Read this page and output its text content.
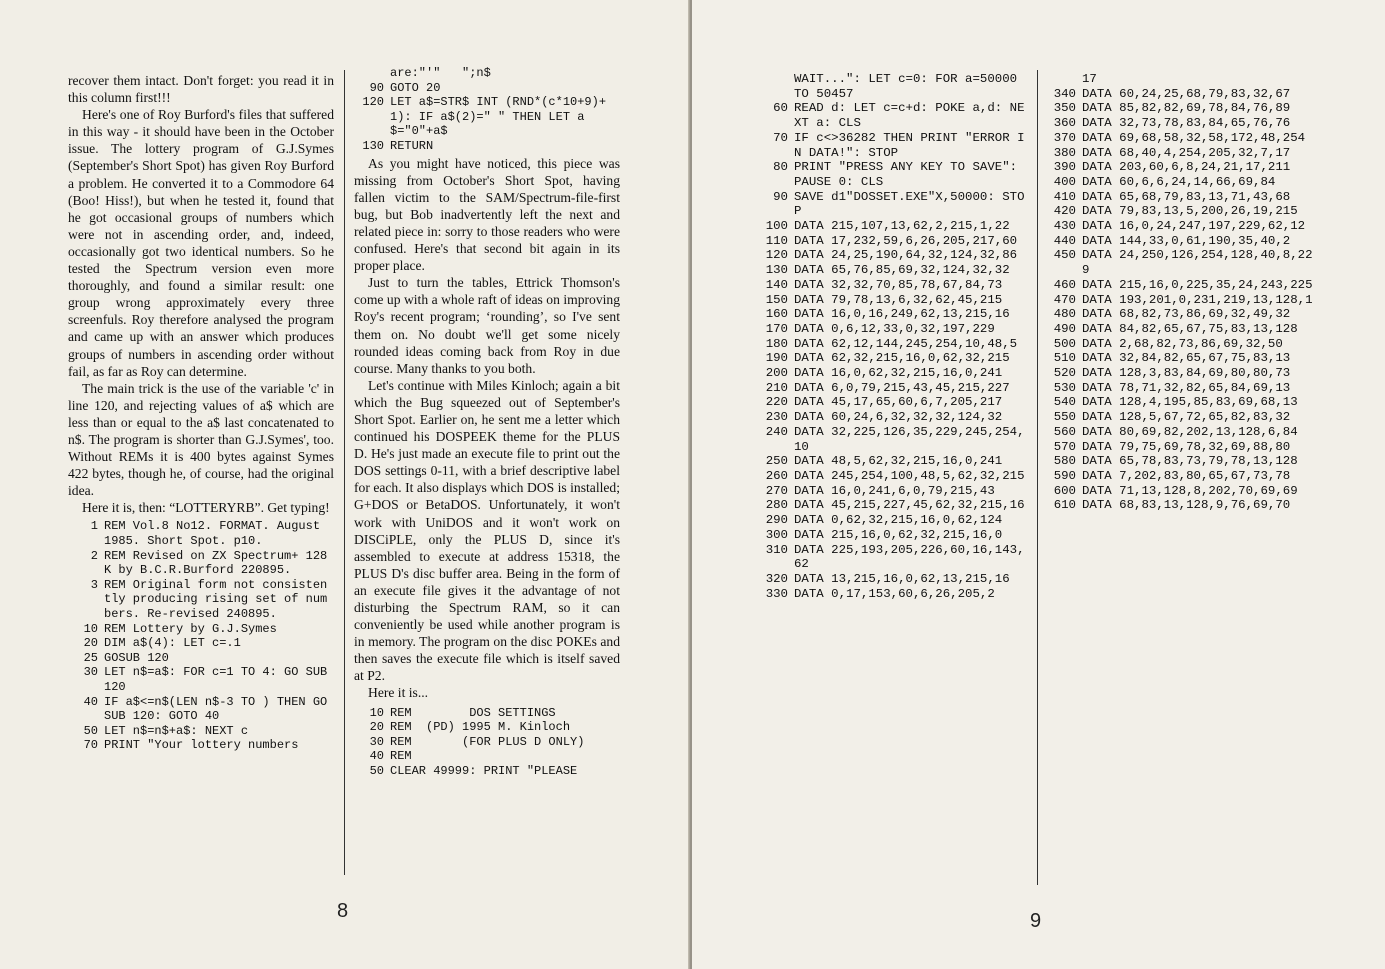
recover them intact. Don't forget: you read it in this column first!!!

Here's one of Roy Burford's files that suffered in this way - it should have been in the October issue. The lottery program of G.J.Symes (September's Short Spot) has given Roy Burford a problem. He converted it to a Commodore 64 (Boo! Hiss!), but when he tested it, found that he got occasional groups of numbers which were not in ascending order, and, indeed, occasionally got two identical numbers. So he tested the Spectrum version even more thoroughly, and found a similar result: one group wrong approximately every three screenfuls. Roy therefore analysed the program and came up with an answer which produces groups of numbers in ascending order without fail, as far as Roy can determine.

The main trick is the use of the variable 'c' in line 120, and rejecting values of a$ which are less than or equal to the a$ last concatenated to n$. The program is shorter than G.J.Symes', too. Without REMs it is 400 bytes against Symes 422 bytes, though he, of course, had the original idea.

Here it is, then: “LOTTERYRB”. Get typing!

1 REM Vol.8 No12. FORMAT. August 1985. Short Spot. p10.
2 REM Revised on ZX Spectrum+ 128K by B.C.R.Burford 220895.
3 REM Original form not consistently producing rising set of numbers. Re-revised 240895.
10 REM Lottery by G.J.Symes
20 DIM a$(4): LET c=.1
25 GOSUB 120
30 LET n$=a$: FOR c=1 TO 4: GO SUB 120
40 IF a$<=n$(LEN n$-3 TO ) THEN GOSUB 120: GOTO 40
50 LET n$=n$+a$: NEXT c
70 PRINT "Your lottery numbers
are:"'"   ";n$
90 GOTO 20
120 LET a$=STR$ INT (RND*(c*10+9)+1): IF a$(2)=" " THEN LET a$="0"+a$
130 RETURN

As you might have noticed, this piece was missing from October's Short Spot, having fallen victim to the SAM/Spectrum-file-first bug, but Bob inadvertently left the next and related piece in: sorry to those readers who were confused. Here's that second bit again in its proper place.

Just to turn the tables, Ettrick Thomson's come up with a whole raft of ideas on improving Roy's recent program; ‘rounding’, so I've sent them on. No doubt we'll get some nicely rounded ideas coming back from Roy in due course. Many thanks to you both.

Let's continue with Miles Kinloch; again a bit which the Bug squeezed out of September's Short Spot. Earlier on, he sent me a letter which continued his DOSPEEK theme for the PLUS D. He's just made an execute file to print out the DOS settings 0-11, with a brief descriptive label for each. It also displays which DOS is installed; G+DOS or BetaDOS. Unfortunately, it won't work with UniDOS and it won't work on DISCiPLE, only the PLUS D, since it's assembled to execute at address 15318, the PLUS D's disc buffer area. Being in the form of an execute file gives it the advantage of not disturbing the Spectrum RAM, so it can conveniently be used while another program is in memory. The program on the disc POKEs and then saves the execute file which is itself saved at P2.

Here it is...

10 REM        DOS SETTINGS
20 REM  (PD) 1995 M. Kinloch
30 REM       (FOR PLUS D ONLY)
40 REM
50 CLEAR 49999: PRINT "PLEASE
8
WAIT...": LET c=0: FOR a=50000 TO 50457
60 READ d: LET c=c+d: POKE a,d: NEXT a: CLS
70 IF c<>36282 THEN PRINT "ERROR IN DATA!": STOP
80 PRINT "PRESS ANY KEY TO SAVE": PAUSE 0: CLS
90 SAVE d1"DOSSET.EXE"X,50000: STOP
100 DATA 215,107,13,62,2,215,1,22
110 DATA 17,232,59,6,26,205,217,60
120 DATA 24,25,190,64,32,124,32,86
130 DATA 65,76,85,69,32,124,32,32
140 DATA 32,32,70,85,78,67,84,73
150 DATA 79,78,13,6,32,62,45,215
160 DATA 16,0,16,249,62,13,215,16
170 DATA 0,6,12,33,0,32,197,229
180 DATA 62,12,144,245,254,10,48,5
190 DATA 62,32,215,16,0,62,32,215
200 DATA 16,0,62,32,215,16,0,241
210 DATA 6,0,79,215,43,45,215,227
220 DATA 45,17,65,60,6,7,205,217
230 DATA 60,24,6,32,32,32,124,32
240 DATA 32,225,126,35,229,245,254,10
250 DATA 48,5,62,32,215,16,0,241
260 DATA 245,254,100,48,5,62,32,215
270 DATA 16,0,241,6,0,79,215,43
280 DATA 45,215,227,45,62,32,215,16
290 DATA 0,62,32,215,16,0,62,124
300 DATA 215,16,0,62,32,215,16,0
310 DATA 225,193,205,226,60,16,143,62
320 DATA 13,215,16,0,62,13,215,16
330 DATA 0,17,153,60,6,26,205,2
17
340 DATA 60,24,25,68,79,83,32,67
350 DATA 85,82,82,69,78,84,76,89
360 DATA 32,73,78,83,84,65,76,76
370 DATA 69,68,58,32,58,172,48,254
380 DATA 68,40,4,254,205,32,7,17
390 DATA 203,60,6,8,24,21,17,211
400 DATA 60,6,6,24,14,66,69,84
410 DATA 65,68,79,83,13,71,43,68
420 DATA 79,83,13,5,200,26,19,215
430 DATA 16,0,24,247,197,229,62,12
440 DATA 144,33,0,61,190,35,40,2
450 DATA 24,250,126,254,128,40,8,229
460 DATA 215,16,0,225,35,24,243,225
470 DATA 193,201,0,231,219,13,128,1
480 DATA 68,82,73,86,69,32,49,32
490 DATA 84,82,65,67,75,83,13,128
500 DATA 2,68,82,73,86,69,32,50
510 DATA 32,84,82,65,67,75,83,13
520 DATA 128,3,83,84,69,80,80,73
530 DATA 78,71,32,82,65,84,69,13
540 DATA 128,4,195,85,83,69,68,13
550 DATA 128,5,67,72,65,82,83,32
560 DATA 80,69,82,202,13,128,6,84
570 DATA 79,75,69,78,32,69,88,80
580 DATA 65,78,83,73,79,78,13,128
590 DATA 7,202,83,80,65,67,73,78
600 DATA 71,13,128,8,202,70,69,69
610 DATA 68,83,13,128,9,76,69,70
9
